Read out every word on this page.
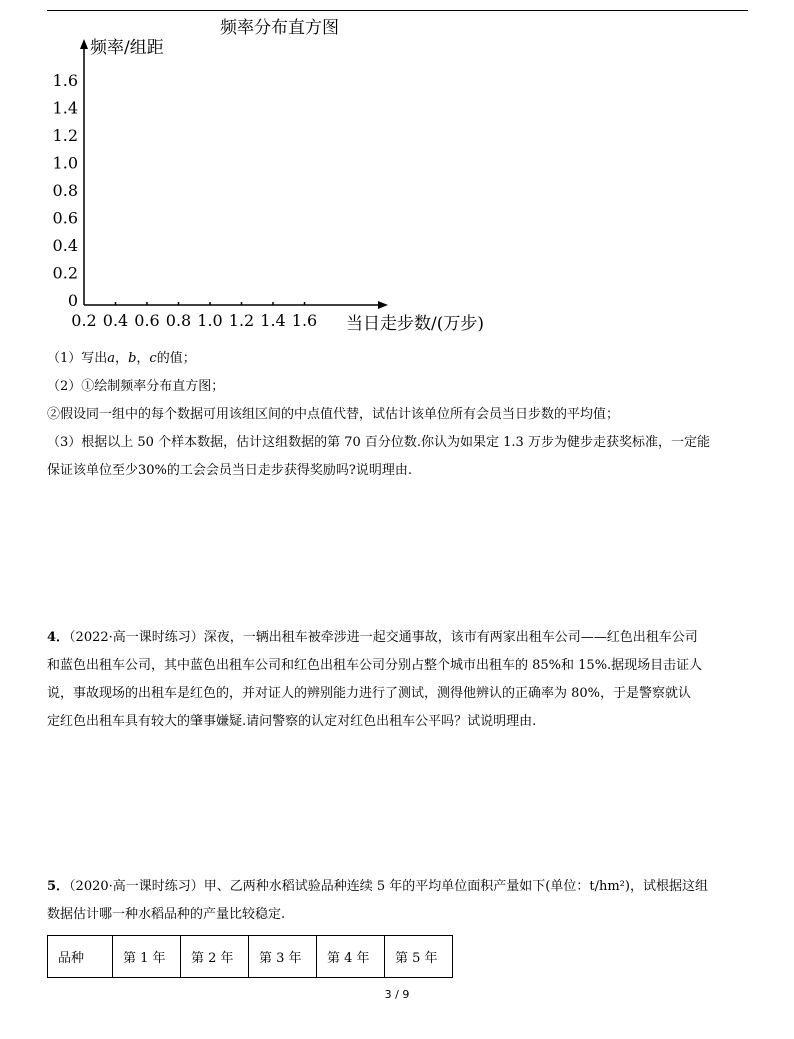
频率分布直方图
频率/组距
0
0.2
0.4
0.6
0.8
1.0
1.2
1.4
1.6
0.2 0.4 0.6 0.8 1.0 1.2 1.4 1.6 当日走步数/(万步)

（1）写出a，b，c的值；

（2）①绘制频率分布直方图；

②假设同一组中的每个数据可用该组区间的中点值代替，试估计该单位所有会员当日步数的平均值；

（3）根据以上 50 个样本数据，估计这组数据的第 70 百分位数.你认为如果定 1.3 万步为健步走获奖标准，一定能

保证该单位至少30%的工会会员当日走步获得奖励吗?说明理由.

4．（2022·高一课时练习）深夜，一辆出租车被牵涉进一起交通事故，该市有两家出租车公司——红色出租车公司

和蓝色出租车公司，其中蓝色出租车公司和红色出租车公司分别占整个城市出租车的 85%和 15%.据现场目击证人

说，事故现场的出租车是红色的，并对证人的辨别能力进行了测试，测得他辨认的正确率为 80%，于是警察就认

定红色出租车具有较大的肇事嫌疑.请问警察的认定对红色出租车公平吗？试说明理由.

5．（2020·高一课时练习）甲、乙两种水稻试验品种连续 5 年的平均单位面积产量如下(单位：t/hm²)，试根据这组

数据估计哪一种水稻品种的产量比较稳定.

品种	第 1 年	第 2 年	第 3 年	第 4 年	第 5 年
3 / 9
